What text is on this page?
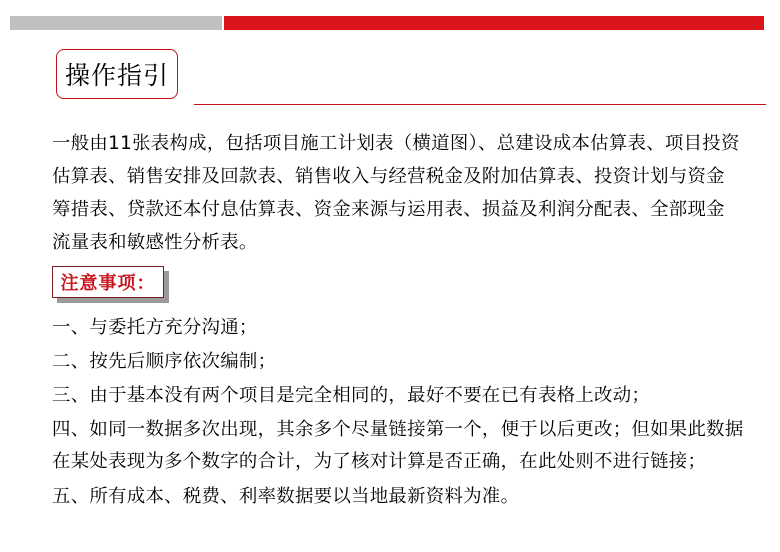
操作指引

一般由11张表构成，包括项目施工计划表（横道图）、总建设成本估算表、项目投资估算表、销售安排及回款表、销售收入与经营税金及附加估算表、投资计划与资金筹措表、贷款还本付息估算表、资金来源与运用表、损益及利润分配表、全部现金流量表和敏感性分析表。

注意事项：
一、与委托方充分沟通；
二、按先后顺序依次编制；
三、由于基本没有两个项目是完全相同的，最好不要在已有表格上改动；
四、如同一数据多次出现，其余多个尽量链接第一个，便于以后更改；但如果此数据在某处表现为多个数字的合计，为了核对计算是否正确，在此处则不进行链接；
五、所有成本、税费、利率数据要以当地最新资料为准。
